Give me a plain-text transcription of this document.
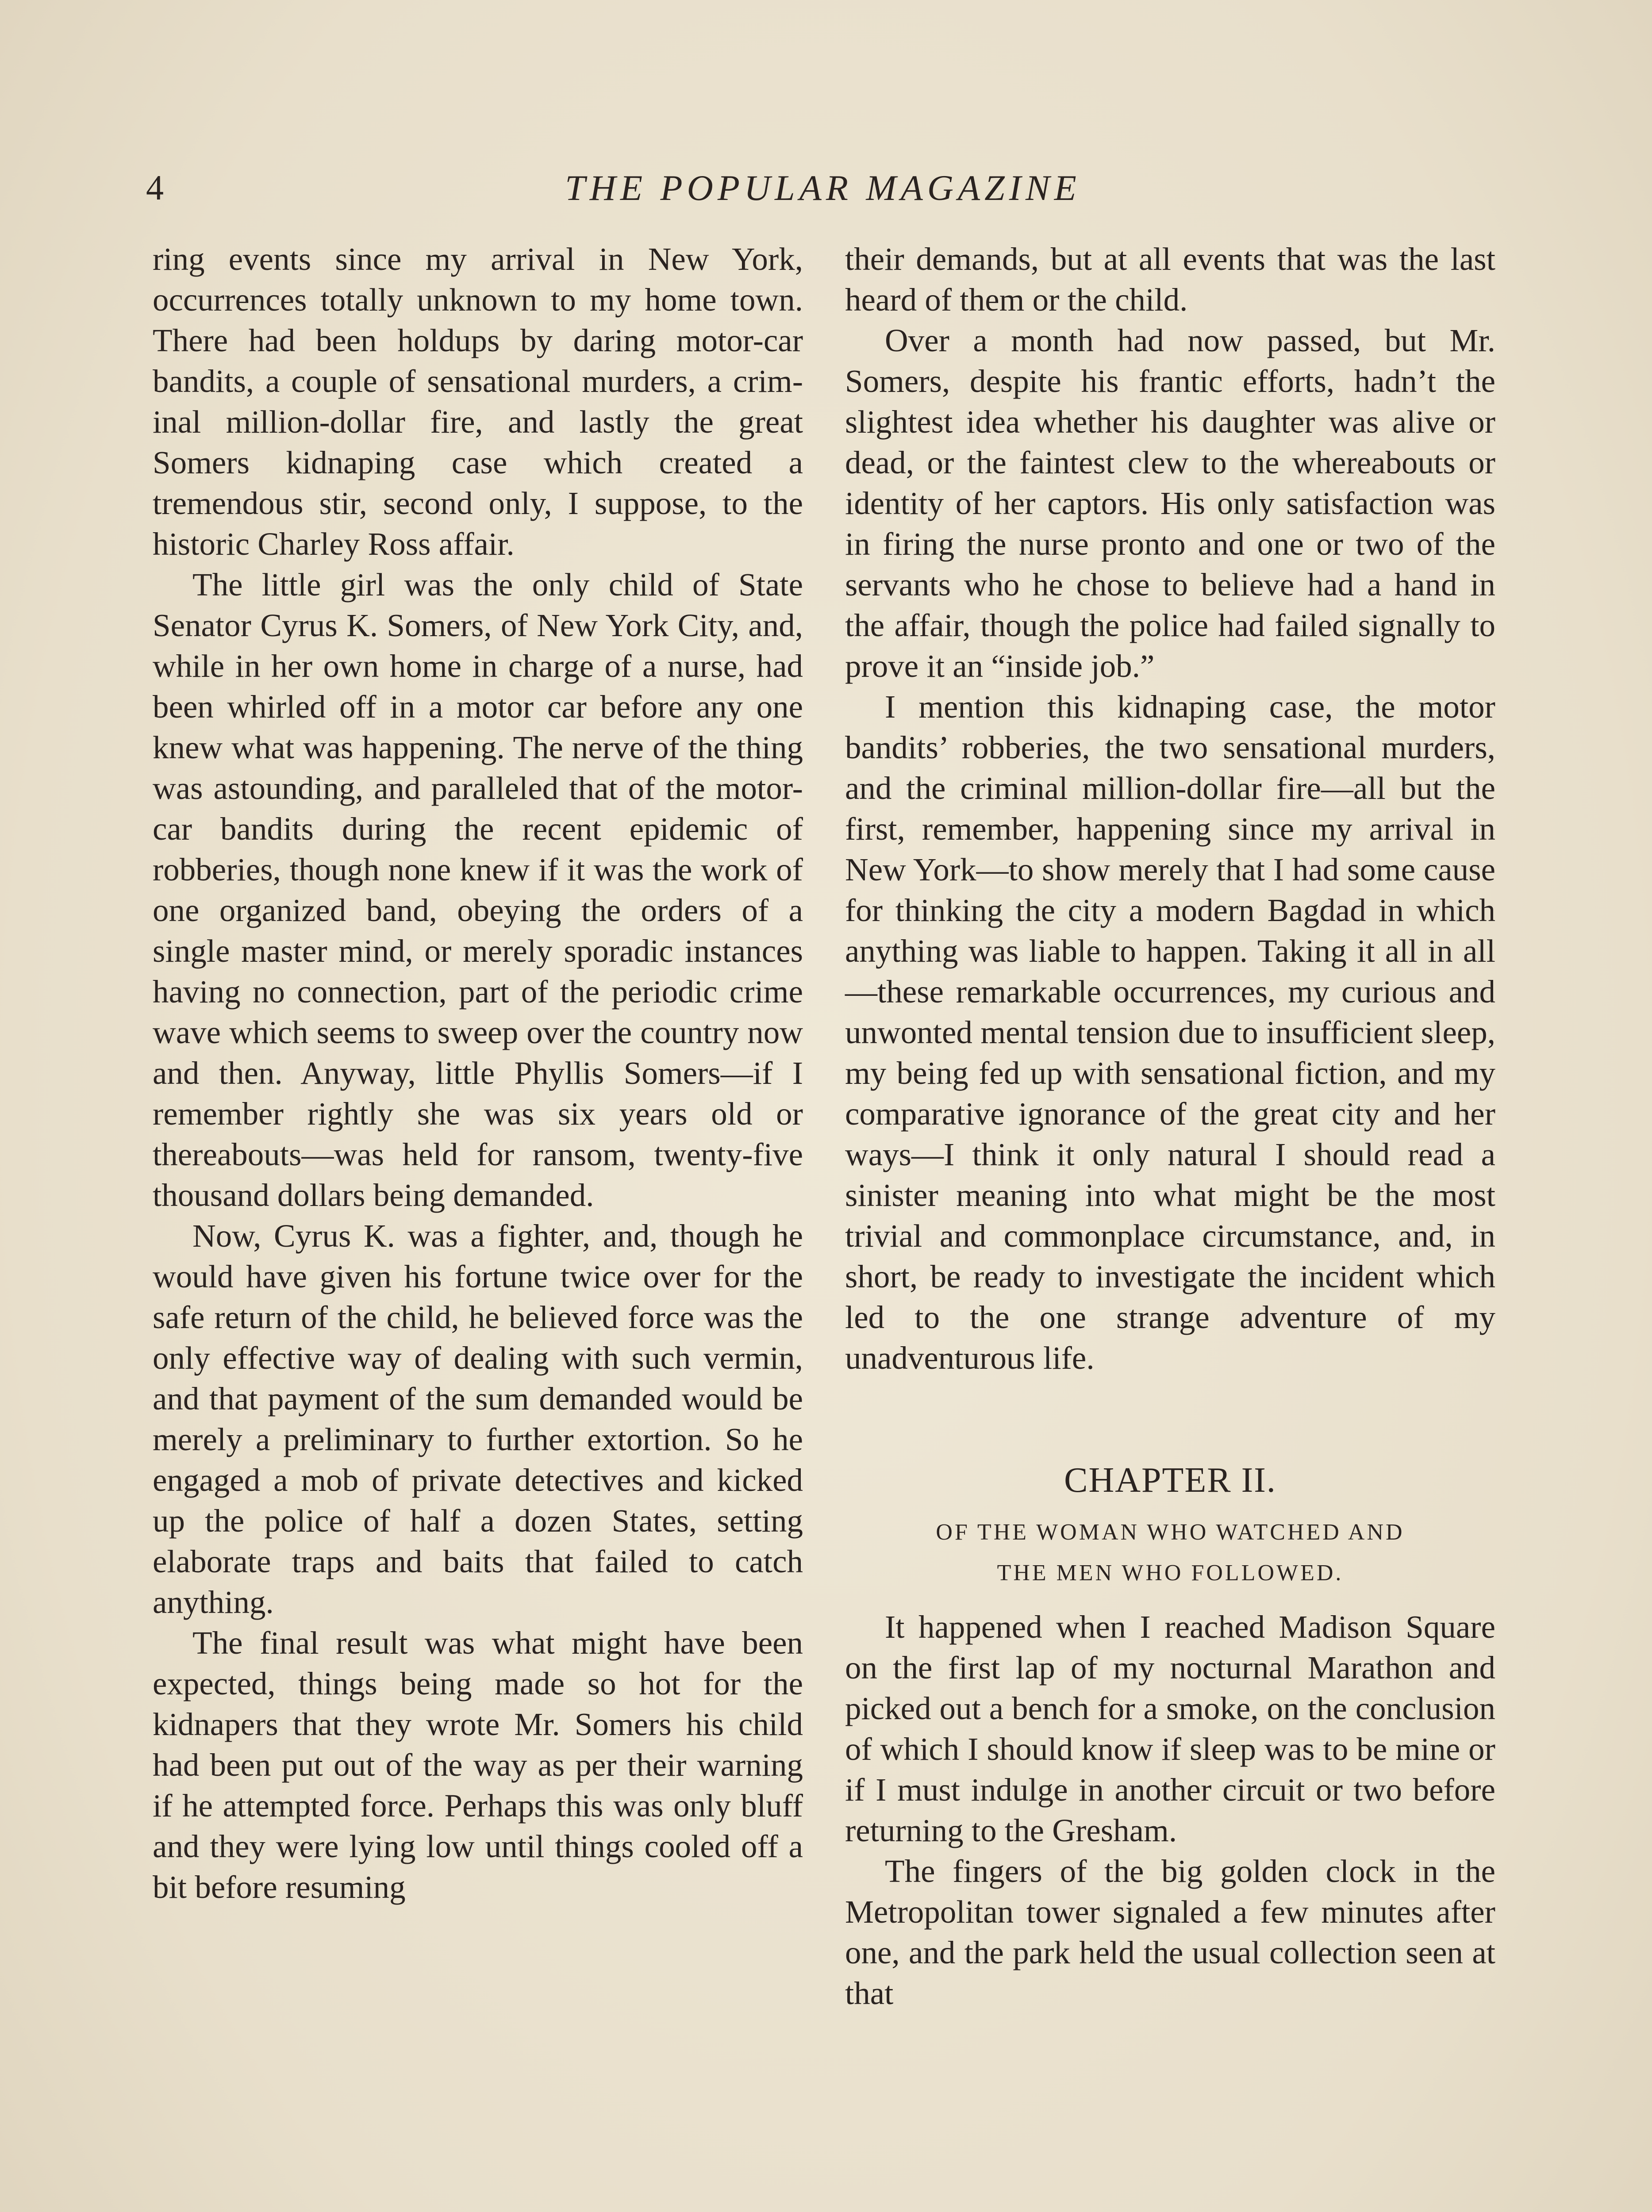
4	THE POPULAR MAGAZINE

ring events since my arrival in New York, occurrences totally unknown to my home town. There had been holdups by daring motor-car bandits, a couple of sensational murders, a criminal million-dollar fire, and lastly the great Somers kidnaping case which created a tremendous stir, second only, I suppose, to the historic Charley Ross affair.

The little girl was the only child of State Senator Cyrus K. Somers, of New York City, and, while in her own home in charge of a nurse, had been whirled off in a motor car before any one knew what was happening. The nerve of the thing was astounding, and paralleled that of the motor-car bandits during the recent epidemic of robberies, though none knew if it was the work of one organized band, obeying the orders of a single master mind, or merely sporadic instances having no connection, part of the periodic crime wave which seems to sweep over the country now and then. Anyway, little Phyllis Somers—if I remember rightly she was six years old or thereabouts—was held for ransom, twenty-five thousand dollars being demanded.

Now, Cyrus K. was a fighter, and, though he would have given his fortune twice over for the safe return of the child, he believed force was the only effective way of dealing with such vermin, and that payment of the sum demanded would be merely a preliminary to further extortion. So he engaged a mob of private detectives and kicked up the police of half a dozen States, setting elaborate traps and baits that failed to catch anything.

The final result was what might have been expected, things being made so hot for the kidnapers that they wrote Mr. Somers his child had been put out of the way as per their warning if he attempted force. Perhaps this was only bluff and they were lying low until things cooled off a bit before resuming

their demands, but at all events that was the last heard of them or the child.

Over a month had now passed, but Mr. Somers, despite his frantic efforts, hadn’t the slightest idea whether his daughter was alive or dead, or the faintest clew to the whereabouts or identity of her captors. His only satisfaction was in firing the nurse pronto and one or two of the servants who he chose to believe had a hand in the affair, though the police had failed signally to prove it an “inside job.”

I mention this kidnaping case, the motor bandits’ robberies, the two sensational murders, and the criminal million-dollar fire—all but the first, remember, happening since my arrival in New York—to show merely that I had some cause for thinking the city a modern Bagdad in which anything was liable to happen. Taking it all in all—these remarkable occurrences, my curious and unwonted mental tension due to insufficient sleep, my being fed up with sensational fiction, and my comparative ignorance of the great city and her ways—I think it only natural I should read a sinister meaning into what might be the most trivial and commonplace circumstance, and, in short, be ready to investigate the incident which led to the one strange adventure of my unadventurous life.

CHAPTER II.
OF THE WOMAN WHO WATCHED AND
THE MEN WHO FOLLOWED.

It happened when I reached Madison Square on the first lap of my nocturnal Marathon and picked out a bench for a smoke, on the conclusion of which I should know if sleep was to be mine or if I must indulge in another circuit or two before returning to the Gresham.

The fingers of the big golden clock in the Metropolitan tower signaled a few minutes after one, and the park held the usual collection seen at that
